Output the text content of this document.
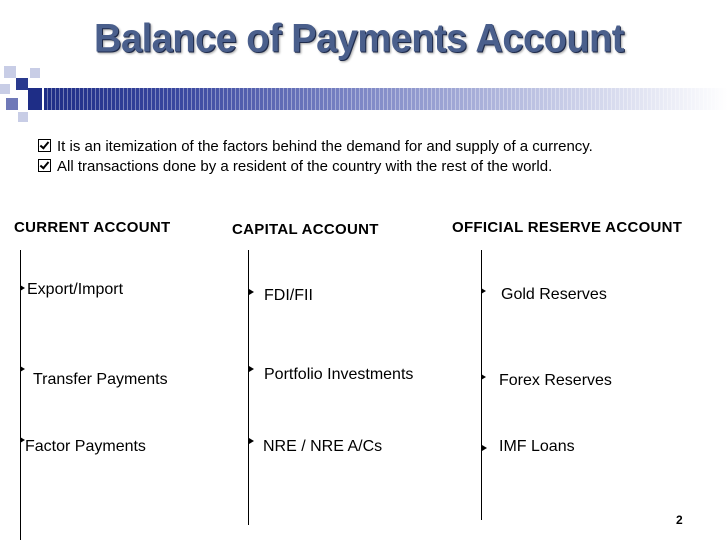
Balance of Payments Account
It is an itemization of the factors behind the demand for and supply of a currency.
All transactions done by a resident of the country with the rest of the world.
CURRENT ACCOUNT	CAPITAL ACCOUNT	OFFICIAL RESERVE ACCOUNT
Export/Import
Transfer Payments
Factor Payments
FDI/FII
Portfolio Investments
NRE / NRE A/Cs
Gold Reserves
Forex Reserves
IMF Loans
2
